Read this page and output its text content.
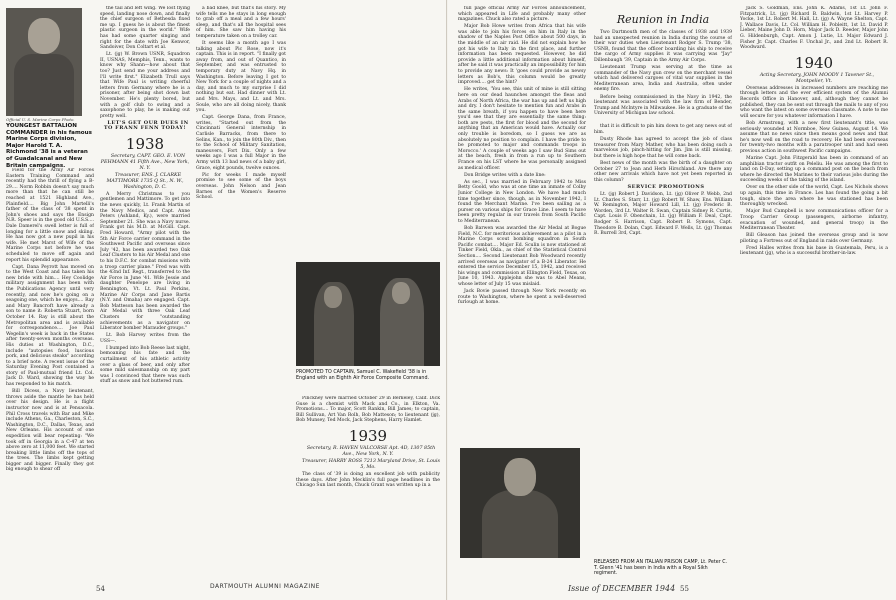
Official U. S. Marine Corps Photo.
YOUNGEST BATTALION COMMANDER in his famous Marine Corps division, Major Harold T. A. Richmond '38 is a veteran of Guadalcanal and New Britain campaigns.

Field for the Army Air Forces Eastern Training Command and recently had the thrill of flying a B-29.... Norm Robbin doesn't say much more than that he can still be reached at 1521 Highland Ave., Plainfield.... Big John Martelli's father of the class of '38 spent in John's shoes and says the Ensign N.R. Speer is in the good old U.S.S.... Dale Damerel's swell letter is full of longing for a little snow and skiing. He has now got a new pupil in his wife. He met Marst of Wife of the Marine Corps not before he was scheduled to move off again and report his splendid appearance.

Capt. Dana Peyrott has moved on to the West Coast and has taken his new bride with him.... Hey Coolidge military assignment has been with the Publications Agency until very recently, and now he's going on a seagoing one, which he enjoys.... Ray and Mary Bancroft have already a son to name it: Roberta Stuart, born October 14. Ray is still about the Metropolitan area and is available for correspondence.... Joe Paul Wegelin's week is back in the States after twenty-seven months overseas. His duties at Washington, D.C., include "autopsies food, luscious pork, and delicious steaks" according to a brief note. A recent issue of the Saturday Evening Post contained a story of Paul-mutual friend Lt. Col. Jack D. Ward, showing the way he has responded to his match.

Bill Dicess, a Navy lieutenant, throws aside the mantle he has held over his design. He is a flight instructor now and is at Pensacola. Phil Cross travels with Bar and Mike include Athens, Ga., Charleston, S.C., Washington, D.C., Dallas, Texas, and New Orleans. His account of one expedition will bear repeating: "We took off in Georgia in a C-47 at ten above zero at 11,000 feet. We started breaking little limbs off the tops of the trees. The limbs kept getting bigger and bigger. Finally they got big enough to shear off

the tail and left wing. We lost flying speed, landing nose down, and finally the chief surgeon of Bethesda fixed me up. I guess he is about the finest plastic surgeon in the world." Wife has had some quarter singing and right for the date with Joe Kenwor, Sandoiver, Don Coltart et al.

Lt. (jg) W. Brown USNR, Squadron II, USNAS, Memphis, Tenn., wants to know why Shann—how about that too? Just send me your address and I'll write first." Elizabeth Trull says that Wife Paul is writing cheerful letters from Germany where he is a prisoner, after being shot down last November. He's plenty bored, but with a golf club to swing and a saxophone to play, he is making out pretty well.

LET'S GET OUR DUES IN TO FRANN FENN TODAY!

1938

Secretary, CAPT. GEO. E. VON PEHMANN 41 Fifth Ave., New York, N. Y.

Treasurer, ENS. J. CLARKE MATTIMORE 1735 Q St., N. W., Washington, D. C.

A Merry Christmas to you gentlemen and Mattimore. To get into the news quickly, Lt. Frank Martin of the Navy Medics, and Capt. Anne Peters (Ashland, Ky.), were married September 21. She was a Navy nurse. Frank got his M.D. at McGill. Capt. Fred Howard, "Army pilot with the 5th Air Force carrier command in the Southwest Pacific and overseas since July '42, has been awarded two Oak Leaf Clusters to his Air Medal and one to his D.F.C. for combat missions with a troop carrier plane." Fred was with the 43nd Inf. Regt., transferred to the Air Force in June '41. Wife Jessie and daughter Penelope are living in Bennington, Vt. Lt. Paul Perkins, Marine Air Corps and Jane Bartis (N.Y. and Omaha) are engaged. Capt. Bob Matteson has been awarded the Air Medal with three Oak Leaf Clusters for "outstanding achievements as a navigator on Liberator bomber Marauder groups."

Lt. Bob Harvey writes from the USS—.

I bumped into Bob Reese last night, bemoaning his fate and the curtailment of his athletic activity over a glass of beer, and only after some mild salesmanship on my part was I convinced that there was such stuff as snow and hot buttered rum.

a bad knee, but that's his story. My wife tells me he stays in long enough to grab off a meal and a few hours' sleep, and that's all the hospital sees of him. She saw him having his temperature taken on a trolley car.

It seems like a month ago I was talking about Pic Rose, now it's captain. This is in report. "I finally got away from, and out of Quantico, in September, and was entrusted to temporary duty at Navy Hq. in Washington. Before leaving I got to New York for a couple of nights and a day, and much to my surprise I did nothing but eat. Had dinner with Lt. and Mrs. Mays, and Lt. and Mrs. Soule, who are all doing nicely, thank you.

Capt. George Dana, from France, writes, "Started out from the Cincinnati General internship in Carlisle Barracks, from there to Selins, Kan., to join the 80th Div., then to the School of Military Sanitation, maneuvers, Fort Dix. Only a few weeks ago I was a full Major in the Army with 13 bad news of a baby girl, Grace, eight pounds, twelve ounces.

Pic for weeks I made myself promise to see some of the boys overseas. John Nelson and Jean Barnes of the Women's Reserve School.

PROMOTED TO CAPTAIN, Samuel C. Wakefield '38 is in England with an Eighth Air Force Composite Command.

Pinckney were married October 29 in Berkeley, Calif. Dick Guse is a chemist with Mack and Co., in Elkton, Va. Promotions.... To major, Scott Rankin, Bill James; to captain, Bill Sullivan, Art Van Rolh, Bob Matteson; to lieutenant (jg), Bob Munsey, Ted Mock, Jack Stephens, Harry Hamlet.

1939

Secretary, R. HAVEN VALCORSE Apt. 4D, 1307 85th Ave., New York, N. Y.

Treasurer, HARRY ROSS 7213 Maryland Drive, St. Louis 5, Mo.

The class of '39 is doing an excellent job with publicity these days. After John Mecklin's full page headlines in the Chicago Sun last month, Chuck Grant was written up in a

54	DARTMOUTH ALUMNI MAGAZINE

full page official Army Air Forces announcement, which appeared in Life and probably many other magazines. Chuck also rated a picture.

Major Bob Howe writes from Africa that his wife was able to join his forces on him in Italy in the shadow of the Naples Post Office about 500 days, in the middle of an air raid. He did not explain how he got his wife to Italy in the first place, and further information has been requested. However, he did provide a little additional information about himself, after he said it was practically an impossibility for him to provide any news: It 'goes could provide as newsy letters as Bob's, this column would be greatly improved.... get the hint?

He writes, 'You see, this unit of mine is still sitting here on our dead haunches amongst the fleas and Arabs of North Africa, the war has up and left us high and dry. I don't hesitate to mention fun and Arabs in the same breath, if you happen to have been here you'd see that they are essentially the same thing: both are pests, the first for blood and the second for anything that an American would have. Actually our only trouble is boredom, so I guess we are as absolutely no position to complain. I have the pride to be promoted to major and commands troops in Morocco.' A couple of weeks ago I saw Bud Sims out at the beach, fresh in from a run up to Southern France on his LST where he was personally assigned as medical officer.

Don Bridge writes with a date line:

As sec., I was married in February 1942 to Miss Betty Goold, who was at one time an inmate of Colby Junior College in New London. We have had much time together since, though, as in November 1942, I found the Merchant Marine. I've been sailing as a purser on various ships for Grace Line. I seem to have been pretty regular in our travels from South Pacific to Mediterranean.

Bob Barwen was awarded the Air Medal at Bogue Field, N.C. for meritorious achievement as a pilot in a Marine Corps scout bombing squadron in South Pacific combat.... Major Ed. Sculin is now stationed at Tinker Field, Okla., as chief of the Statistical Control Section.... Second Lieutenant Bob Woodward recently arrived overseas as navigator of a B-24 Liberator. He entered the service December 15, 1942, and received his wings and commission at Ellington Field, Texas, on June 10, 1943. Applejohn she was to Abel Means, whose letter of July 15 was mislaid.

Jack Bovie passed through New York recently en route to Washington, where he spent a well-deserved furlough at home.

Reunion in India

Two Dartmouth men of the classes of 1938 and 1939 had an unexpected reunion in India during the course of their war duties when Lieutenant Rodger S. Trump '38, USNR, found that the officer boarding his ship to receive the cargo of Army supplies it was carrying was "Jay" Dillenbaugh '39, Captain in the Army Air Corps.

Lieutenant Trump was serving at the time as commander of the Navy gun crew on the merchant vessel which had delivered cargoes of vital war supplies in the Mediterranean area, India and Australia, often under enemy fire.

Before being commissioned in the Navy in 1942, the lieutenant was associated with the law firm of Bender, Trump and McIntyre in Milwaukee. He is a graduate of the University of Michigan law school.

that it is difficult to pin him down to get any news out of him.

Dusty Rhode has agreed to accept the job of class treasurer from Mary Mather, who has been doing such a marvelous job, pinch-hitting for Jim. Jim is still missing, but there is high hope that he will come back.

Best news of the month was the birth of a daughter on October 27 to Jean and Herb Hirschland. Are there any other new arrivals which have not yet been reported in this column?

SERVICE PROMOTIONS

Lt. (jg) Robert J. Davidson, Lt. (jg) Oliver P. Webb, 2nd Lt. Charles S. Starr, Lt. (jg) Robert W. Shaw, Ens. William W. Remington, Major Howard Lill, Lt. (jg) Frederic B. Worden, 3rd Lt. Walter R. Swan, Captain Sidney R. Curtis, Capt. Louis F. Obenchain, Lt. (jg) William F. Deal, Capt. Rodger S. Harrison, Capt. Robert B. Symons, Capt. Theodore B. Dolan, Capt. Edward F. Wells, Lt. (jg) Thomas R. Burrell 3rd, Capt.

RELEASED FROM AN ITALIAN PRISON CAMP, Lt. Peter C. T. Glenn '41 has been in India with a Royal Sikh regiment.

Jack S. Goldman, Ens. John K. Adams, 1st Lt. John F. Fitzpatrick, Lt. (jg) Richard B. Baldwin, 1st Lt. Harvey P. Yocke, 1st Lt. Robert M. Hall, Lt. (jg) A. Wayne Shelton, Capt. J. Wallace Davis, Lt. Col. William H. Pobleitt, 1st Lt. David P. Lieber, Maine John D. Horn, Major Jack D. Reeder, Major John G. Hildenburgh, Capt. Amon J. Lutie, Lt. Major Edward J. Fisher Jr. Capt. Charles F. Unchal Jr., and 2nd Lt. Robert R. Woodward.

1940

Acting Secretary, JOHN MOODY 1 Tavener St., Montpelier, Vt.

Overseas addresses in increased numbers are reaching me through letters and the ever efficient system of the Alumni Records Office in Hanover, and, although they cannot be published, they can be sent out through the mails to any of you who want the latest on some overseas classmate. A note to me will secure for you whatever information I have.

Bob Armstrong, with a new first lieutenant's title, was seriously wounded at Normboe, New Guinea, August 14. We assume that no news since then means good news and that he's now well on the road to recovery. He had been overseas for twenty-two months with a paratrooper unit and had seen previous action in southwest Pacific campaigns.

Marine Capt. John Fitzgerald has been in command of an amphibian tractor outfit on Peleliu. He was among the first to land on D-Day, setting up a command post on the beach from where he directed the Marines to their various jobs during the succeeding weeks of the taking of the island.

Over on the other side of the world, Capt. Les Nichols shows up again, this time in France. Les has found the going a bit tough, since the area where he was stationed has been thoroughly wrecked.

Major Bud Campbell is now communications officer for a Troop Carrier Group (passengers, airborne infantry, evacuation of wounded, and general troop) in the Mediterranean Theater.

Bill Gleason has joined the overseas group and is now piloting a Fortress out of England in raids over Germany.

Fred Halles writes from his base in Guatemala, Peru, is a lieutenant (jg), who is a successful brother-in-law.

Issue of DECEMBER 1944 55
